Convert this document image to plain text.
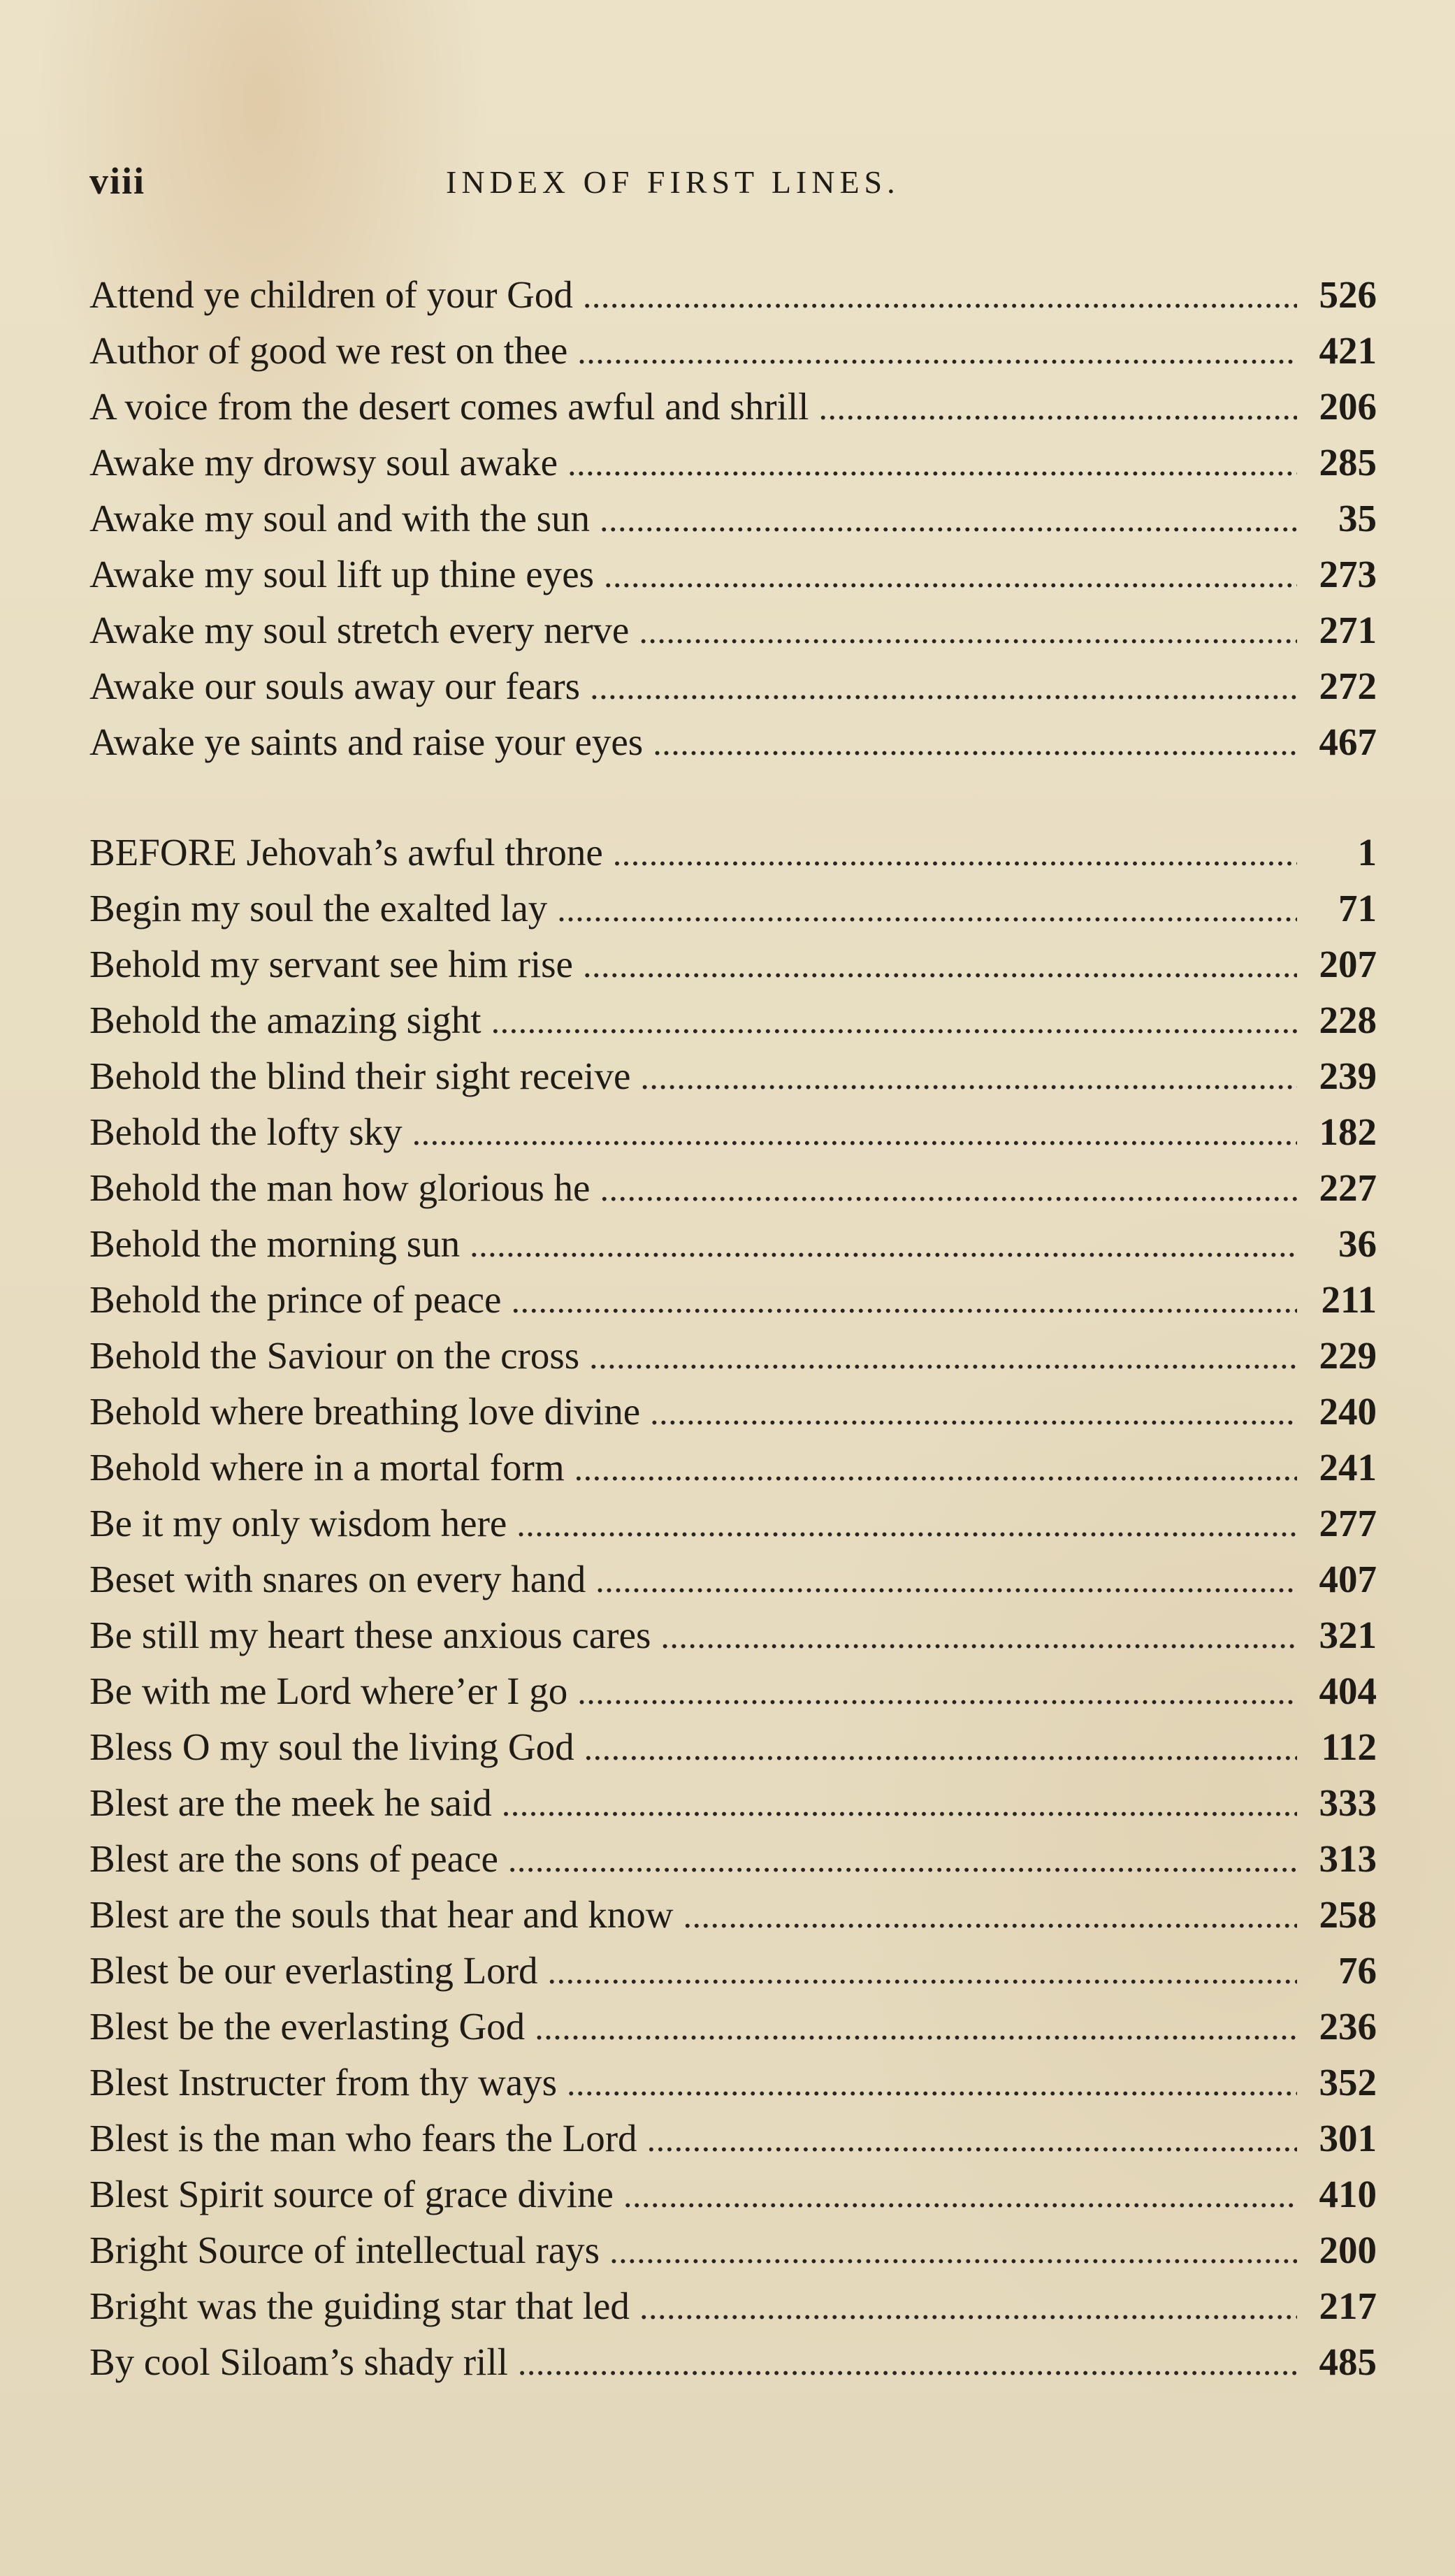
viii	INDEX OF FIRST LINES.
Attend ye children of your God . . .	526
Author of good we rest on thee . . .	421
A voice from the desert comes awful and shrill . . .	206
Awake my drowsy soul awake . . .	285
Awake my soul and with the sun . . .	35
Awake my soul lift up thine eyes . . .	273
Awake my soul stretch every nerve . . .	271
Awake our souls away our fears . . .	272
Awake ye saints and raise your eyes . . .	467
BEFORE Jehovah’s awful throne . . .	1
Begin my soul the exalted lay . . .	71
Behold my servant see him rise . . .	207
Behold the amazing sight . . .	228
Behold the blind their sight receive . . .	239
Behold the lofty sky . . .	182
Behold the man how glorious he . . .	227
Behold the morning sun . . .	36
Behold the prince of peace . . .	211
Behold the Saviour on the cross . . .	229
Behold where breathing love divine . . .	240
Behold where in a mortal form . . .	241
Be it my only wisdom here . . .	277
Beset with snares on every hand . . .	407
Be still my heart these anxious cares . . .	321
Be with me Lord where’er I go . . .	404
Bless O my soul the living God . . .	112
Blest are the meek he said . . .	333
Blest are the sons of peace . . .	313
Blest are the souls that hear and know . . .	258
Blest be our everlasting Lord . . .	76
Blest be the everlasting God . . .	236
Blest Instructer from thy ways . . .	352
Blest is the man who fears the Lord . . .	301
Blest Spirit source of grace divine . . .	410
Bright Source of intellectual rays . . .	200
Bright was the guiding star that led . . .	217
By cool Siloam’s shady rill . . .	485
